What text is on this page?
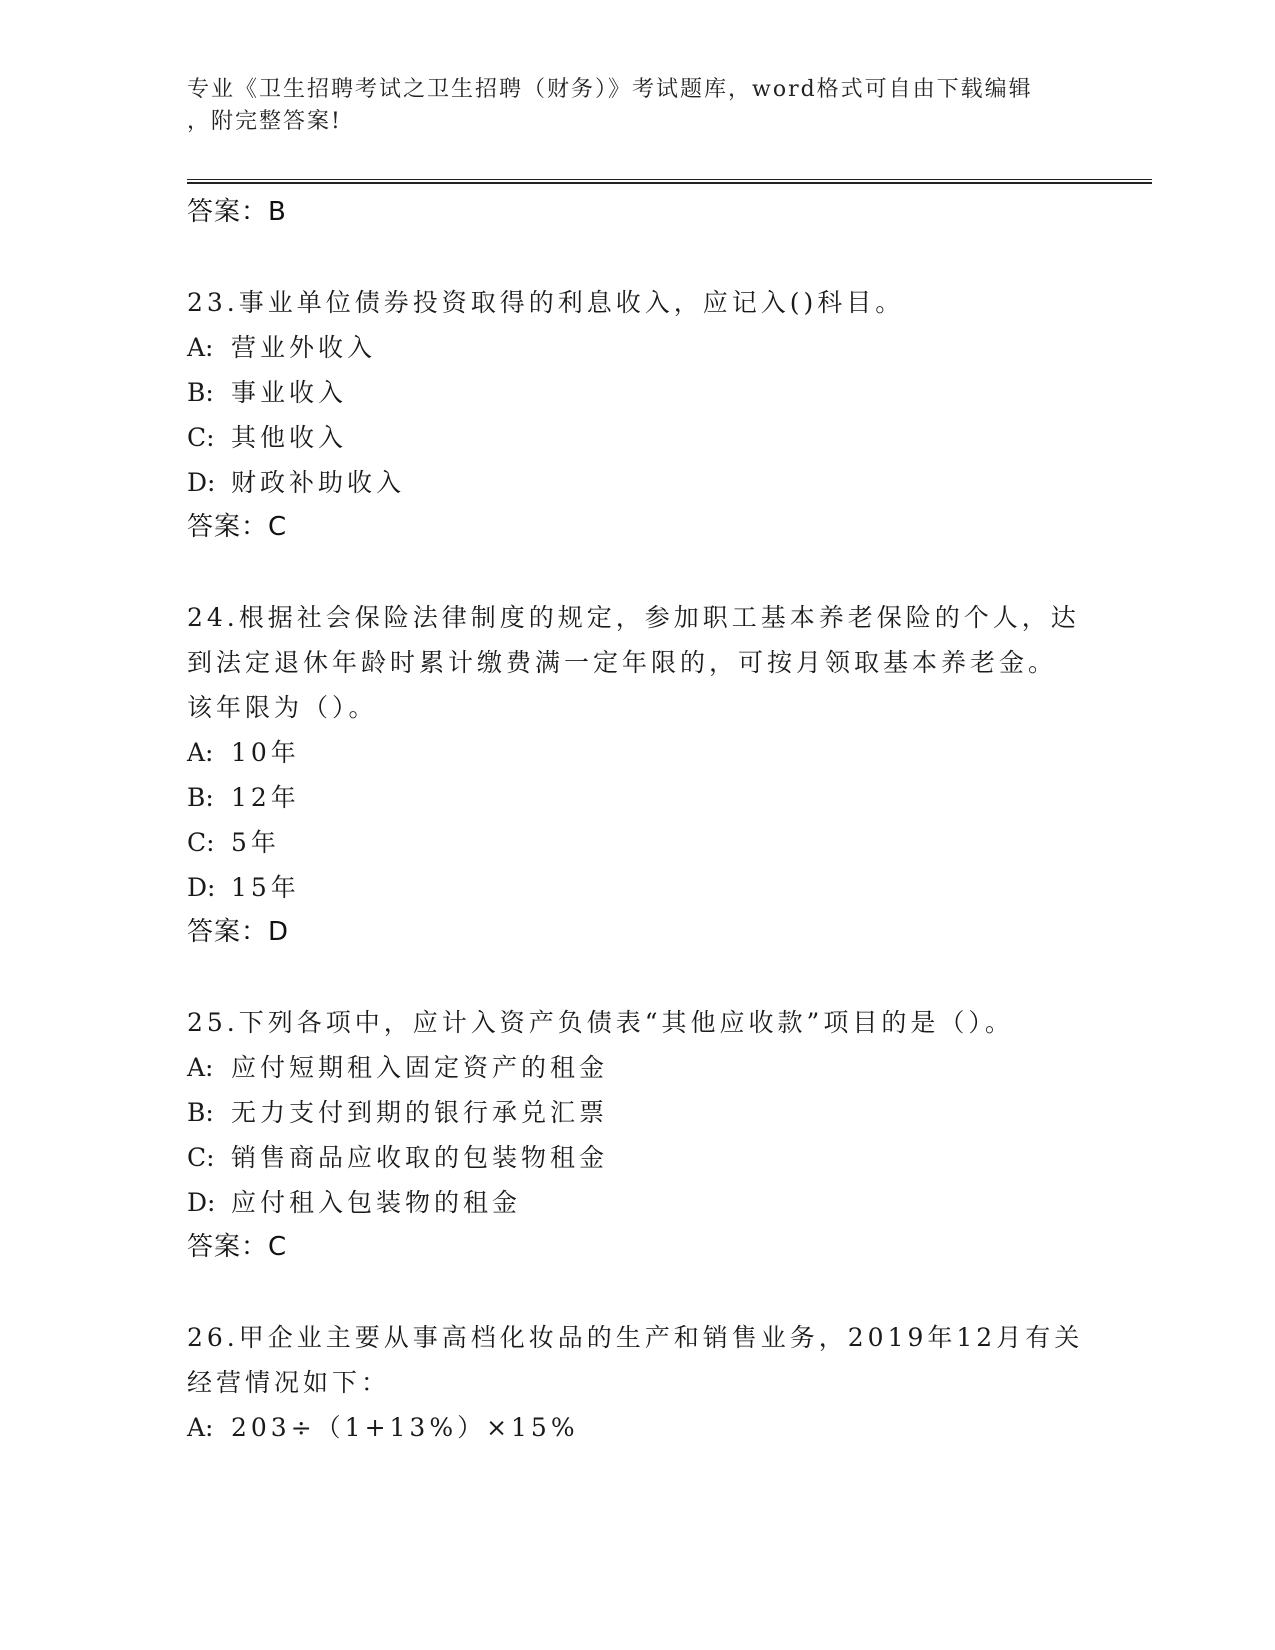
专业《卫生招聘考试之卫生招聘（财务）》考试题库，word格式可自由下载编辑
，附完整答案!
答案：B
23.事业单位债券投资取得的利息收入，应记入()科目。
A: 营业外收入
B: 事业收入
C: 其他收入
D: 财政补助收入
答案：C
24.根据社会保险法律制度的规定，参加职工基本养老保险的个人，达
到法定退休年龄时累计缴费满一定年限的，可按月领取基本养老金。
该年限为（）。
A: 10年
B: 12年
C: 5年
D: 15年
答案：D
25.下列各项中，应计入资产负债表“其他应收款”项目的是（）。
A: 应付短期租入固定资产的租金
B: 无力支付到期的银行承兑汇票
C: 销售商品应收取的包装物租金
D: 应付租入包装物的租金
答案：C
26.甲企业主要从事高档化妆品的生产和销售业务，2019年12月有关
经营情况如下：
A: 203÷（1+13%）×15%
